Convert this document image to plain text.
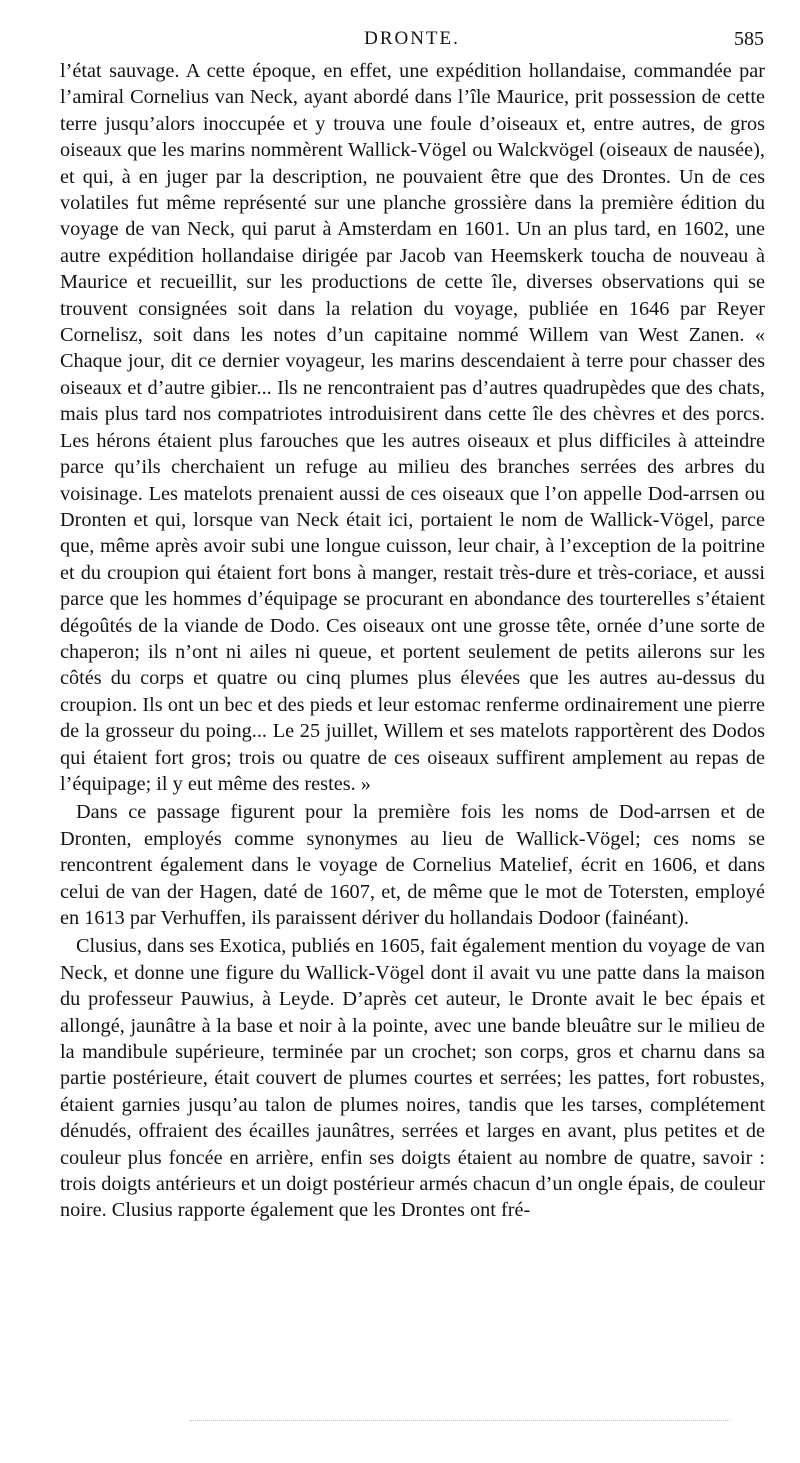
DRONTE.	585

l’état sauvage. A cette époque, en effet, une expédition hollandaise, commandée par l’amiral Cornelius van Neck, ayant abordé dans l’île Maurice, prit possession de cette terre jusqu’alors inoccupée et y trouva une foule d’oiseaux et, entre autres, de gros oiseaux que les marins nommèrent Wallick-Vögel ou Walckvögel (oiseaux de nausée), et qui, à en juger par la description, ne pouvaient être que des Drontes. Un de ces volatiles fut même représenté sur une planche grossière dans la première édition du voyage de van Neck, qui parut à Amsterdam en 1601. Un an plus tard, en 1602, une autre expédition hollandaise dirigée par Jacob van Heemskerk toucha de nouveau à Maurice et recueillit, sur les productions de cette île, diverses observations qui se trouvent consignées soit dans la relation du voyage, publiée en 1646 par Reyer Cornelisz, soit dans les notes d’un capitaine nommé Willem van West Zanen. « Chaque jour, dit ce dernier voyageur, les marins descendaient à terre pour chasser des oiseaux et d’autre gibier... Ils ne rencontraient pas d’autres quadrupèdes que des chats, mais plus tard nos compatriotes introduisirent dans cette île des chèvres et des porcs. Les hérons étaient plus farouches que les autres oiseaux et plus difficiles à atteindre parce qu’ils cherchaient un refuge au milieu des branches serrées des arbres du voisinage. Les matelots prenaient aussi de ces oiseaux que l’on appelle Dod-arrsen ou Dronten et qui, lorsque van Neck était ici, portaient le nom de Wallick-Vögel, parce que, même après avoir subi une longue cuisson, leur chair, à l’exception de la poitrine et du croupion qui étaient fort bons à manger, restait très-dure et très-coriace, et aussi parce que les hommes d’équipage se procurant en abondance des tourterelles s’étaient dégoûtés de la viande de Dodo. Ces oiseaux ont une grosse tête, ornée d’une sorte de chaperon; ils n’ont ni ailes ni queue, et portent seulement de petits ailerons sur les côtés du corps et quatre ou cinq plumes plus élevées que les autres au-dessus du croupion. Ils ont un bec et des pieds et leur estomac renferme ordinairement une pierre de la grosseur du poing... Le 25 juillet, Willem et ses matelots rapportèrent des Dodos qui étaient fort gros; trois ou quatre de ces oiseaux suffirent amplement au repas de l’équipage; il y eut même des restes. »

Dans ce passage figurent pour la première fois les noms de Dod-arrsen et de Dronten, employés comme synonymes au lieu de Wallick-Vögel; ces noms se rencontrent également dans le voyage de Cornelius Matelief, écrit en 1606, et dans celui de van der Hagen, daté de 1607, et, de même que le mot de Totersten, employé en 1613 par Verhuffen, ils paraissent dériver du hollandais Dodoor (fainéant).

Clusius, dans ses Exotica, publiés en 1605, fait également mention du voyage de van Neck, et donne une figure du Wallick-Vögel dont il avait vu une patte dans la maison du professeur Pauwius, à Leyde. D’après cet auteur, le Dronte avait le bec épais et allongé, jaunâtre à la base et noir à la pointe, avec une bande bleuâtre sur le milieu de la mandibule supérieure, terminée par un crochet; son corps, gros et charnu dans sa partie postérieure, était couvert de plumes courtes et serrées; les pattes, fort robustes, étaient garnies jusqu’au talon de plumes noires, tandis que les tarses, complétement dénudés, offraient des écailles jaunâtres, serrées et larges en avant, plus petites et de couleur plus foncée en arrière, enfin ses doigts étaient au nombre de quatre, savoir : trois doigts antérieurs et un doigt postérieur armés chacun d’un ongle épais, de couleur noire. Clusius rapporte également que les Drontes ont fré-
